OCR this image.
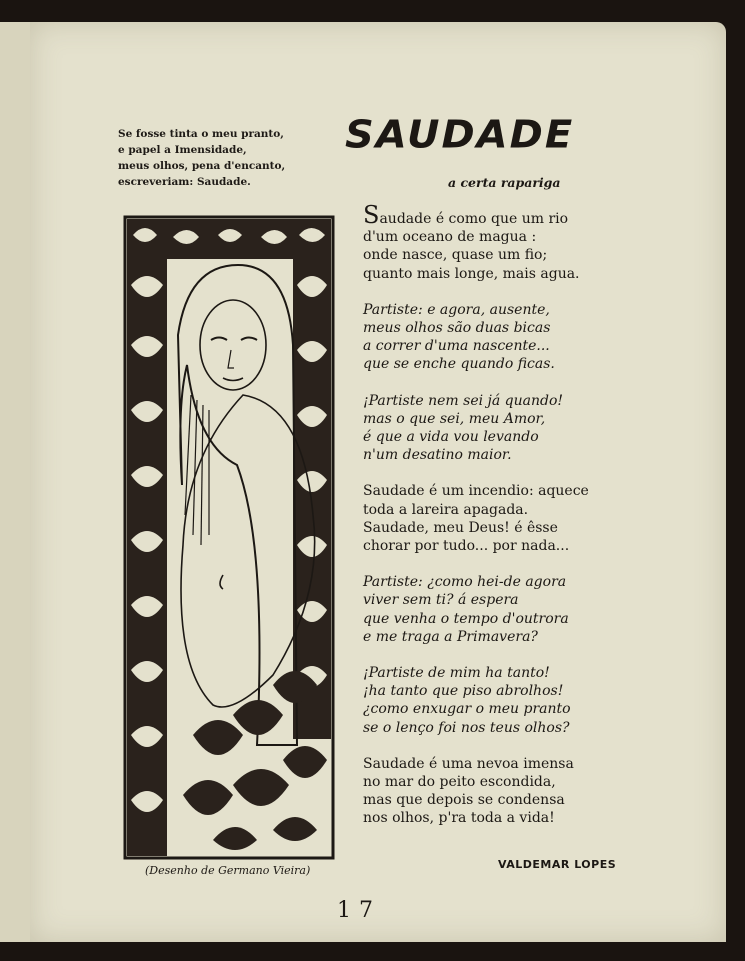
Se fosse tinta o meu pranto,
e papel a Imensidade,
meus olhos, pena d'encanto,
escreveriam: Saudade.
SAUDADE
a certa rapariga
Saudade é como que um rio
d'um oceano de magua :
onde nasce, quase um fio;
quanto mais longe, mais agua.
Partiste: e agora, ausente,
meus olhos são duas bicas
a correr d'uma nascente...
que se enche quando ficas.
¡Partiste nem sei já quando!
mas o que sei, meu Amor,
é que a vida vou levando
n'um desatino maior.
Saudade é um incendio: aquece
toda a lareira apagada.
Saudade, meu Deus! é êsse
chorar por tudo... por nada...
Partiste: ¿como hei-de agora
viver sem ti? á espera
que venha o tempo d'outrora
e me traga a Primavera?
¡Partiste de mim ha tanto!
¡ha tanto que piso abrolhos!
¿como enxugar o meu pranto
se o lenço foi nos teus olhos?
Saudade é uma nevoa imensa
no mar do peito escondida,
mas que depois se condensa
nos olhos, p'ra toda a vida!
VALDEMAR LOPES
(Desenho de Germano Vieira)
17
